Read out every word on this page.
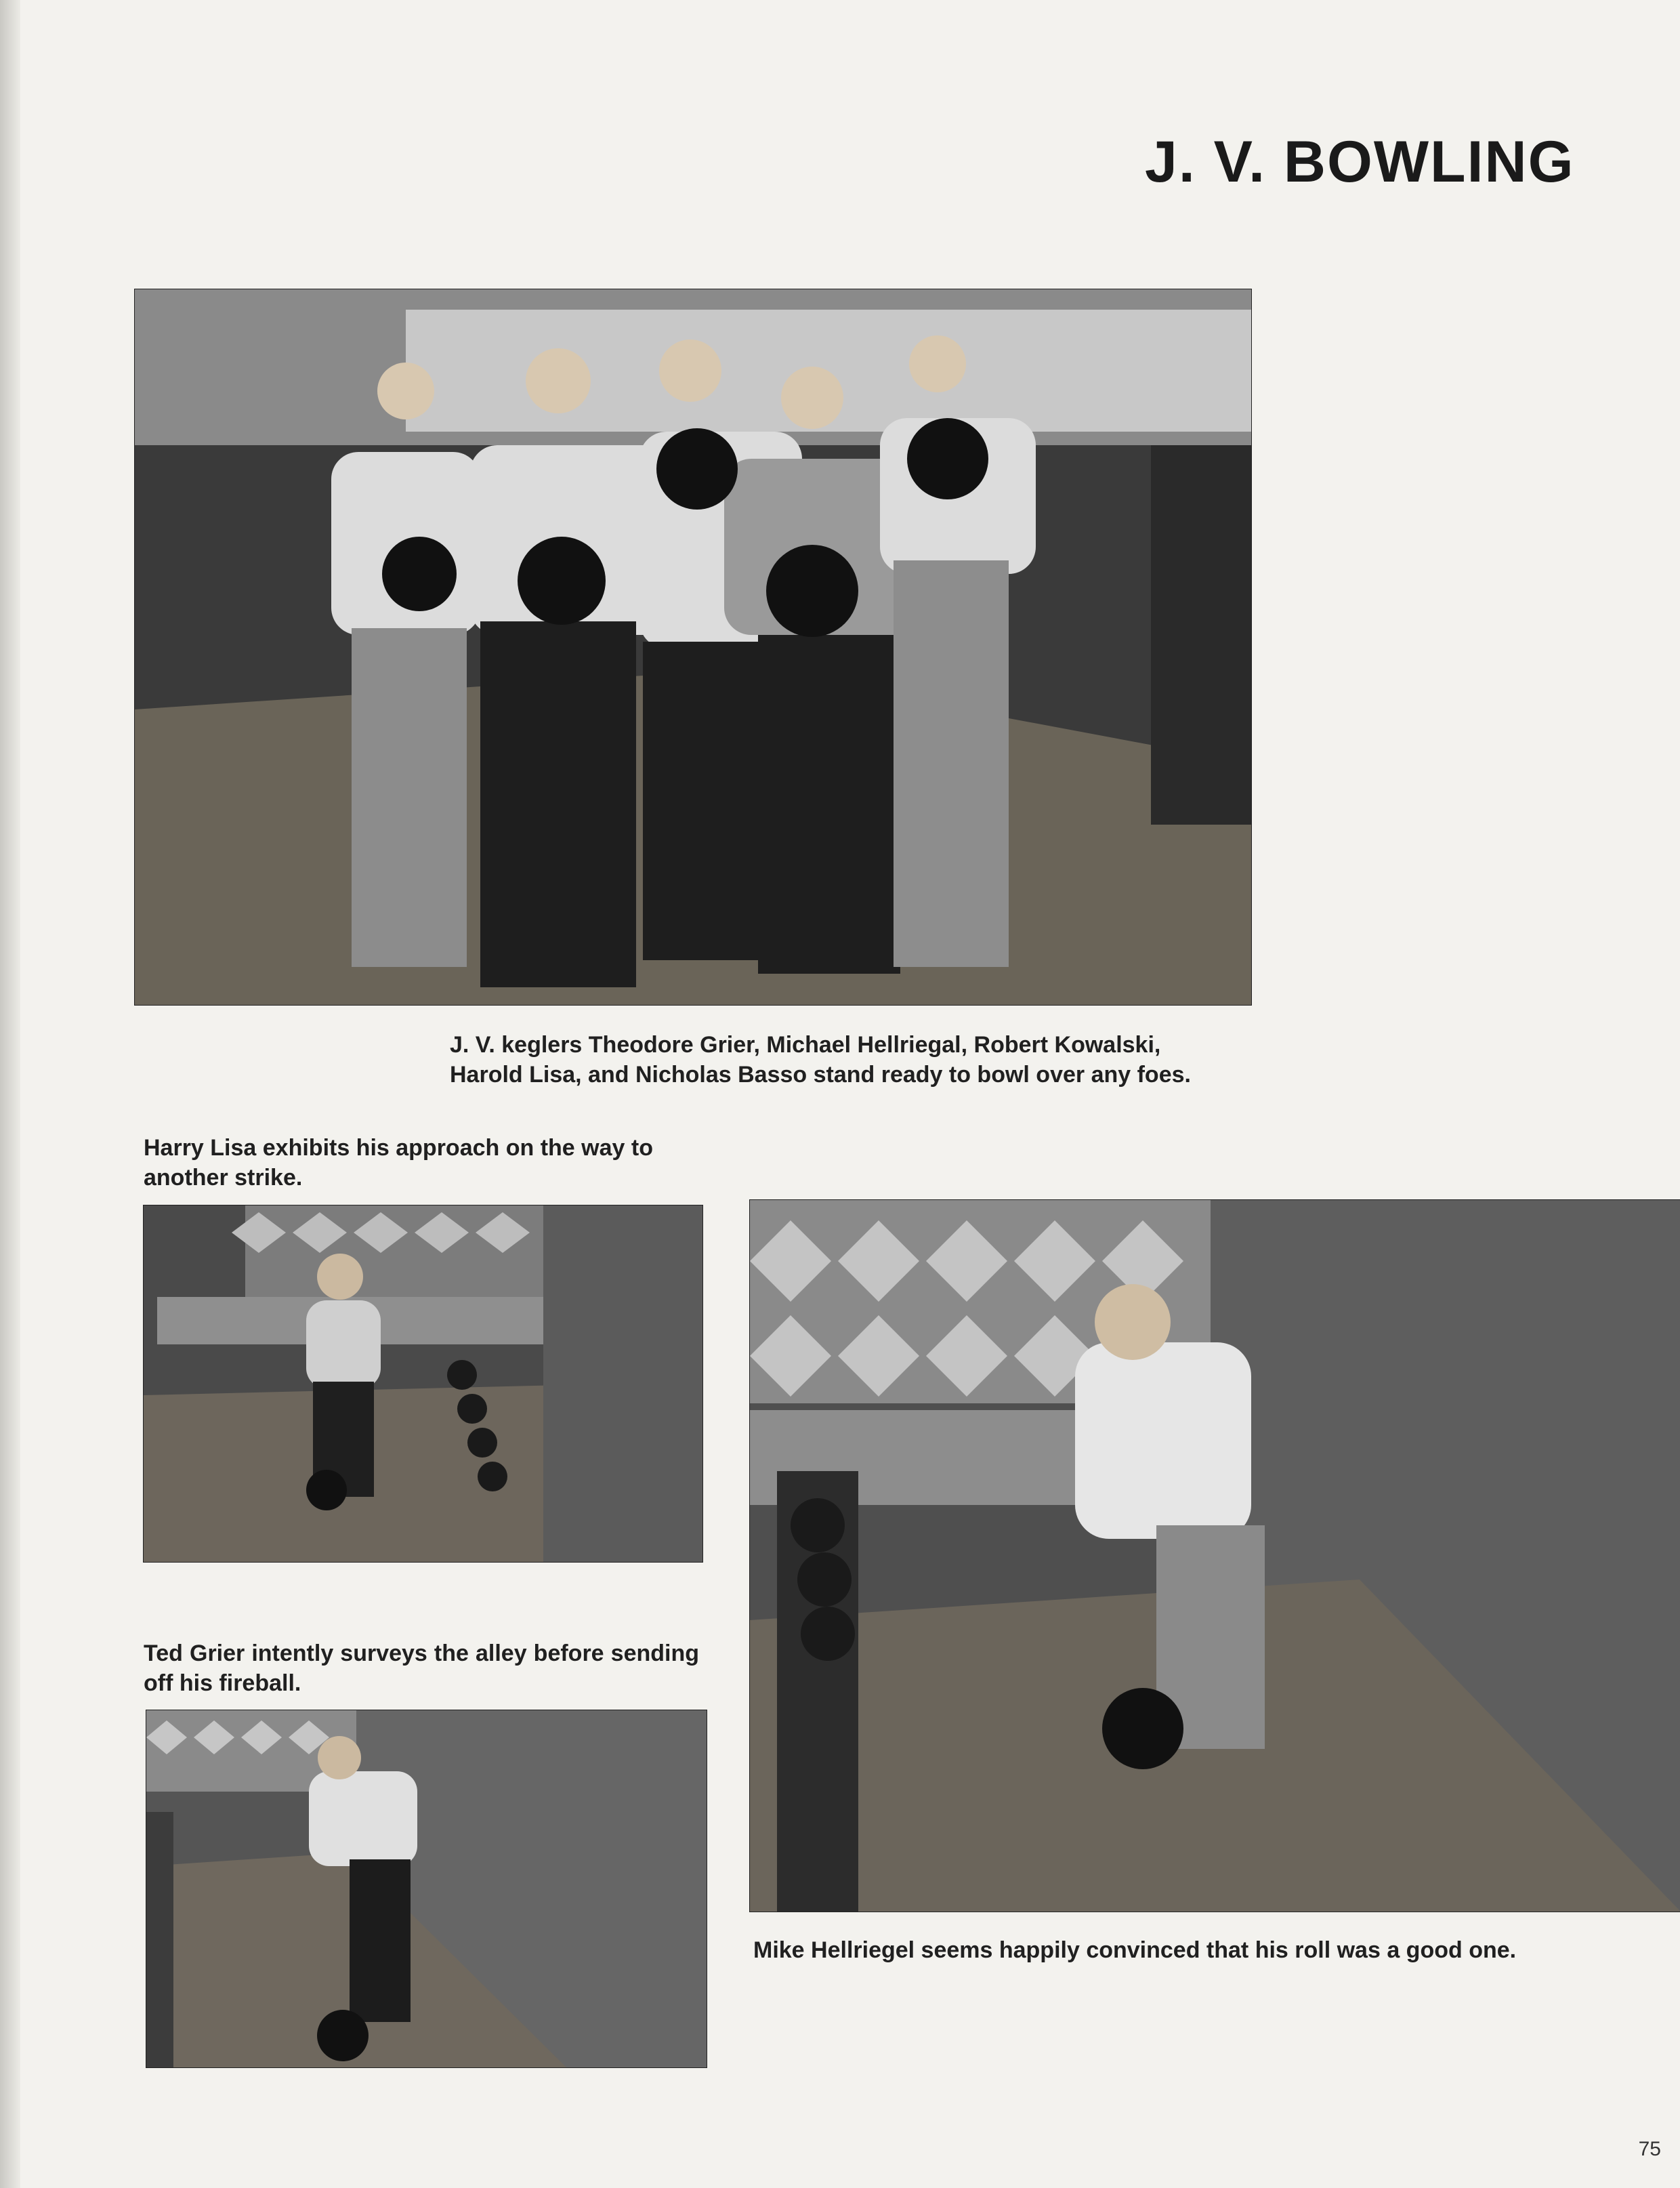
J. V. BOWLING
J. V. keglers Theodore Grier, Michael Hellriegal, Robert Kowalski,
Harold Lisa, and Nicholas Basso stand ready to bowl over any foes.
Harry Lisa exhibits his approach on the way to another strike.
Ted Grier intently surveys the alley before sending off his fireball.
Mike Hellriegel seems happily convinced that his roll was a good one.
75
